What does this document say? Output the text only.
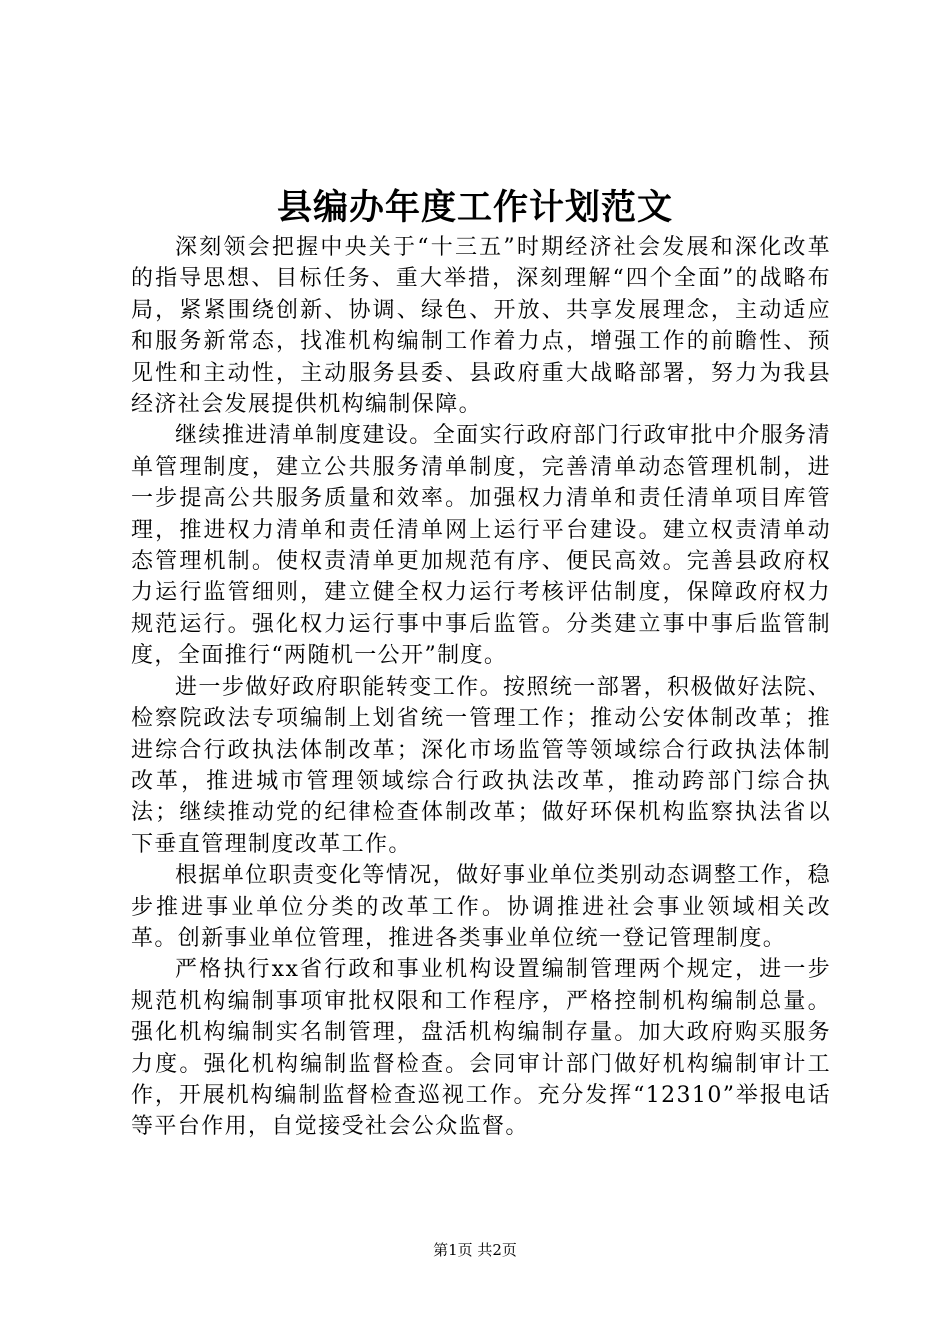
县编办年度工作计划范文

深刻领会把握中央关于“十三五”时期经济社会发展和深化改革的指导思想、目标任务、重大举措，深刻理解“四个全面”的战略布局，紧紧围绕创新、协调、绿色、开放、共享发展理念，主动适应和服务新常态，找准机构编制工作着力点，增强工作的前瞻性、预见性和主动性，主动服务县委、县政府重大战略部署，努力为我县经济社会发展提供机构编制保障。

继续推进清单制度建设。全面实行政府部门行政审批中介服务清单管理制度，建立公共服务清单制度，完善清单动态管理机制，进一步提高公共服务质量和效率。加强权力清单和责任清单项目库管理，推进权力清单和责任清单网上运行平台建设。建立权责清单动态管理机制。使权责清单更加规范有序、便民高效。完善县政府权力运行监管细则，建立健全权力运行考核评估制度，保障政府权力规范运行。强化权力运行事中事后监管。分类建立事中事后监管制度，全面推行“两随机一公开”制度。

进一步做好政府职能转变工作。按照统一部署，积极做好法院、检察院政法专项编制上划省统一管理工作；推动公安体制改革；推进综合行政执法体制改革；深化市场监管等领域综合行政执法体制改革，推进城市管理领域综合行政执法改革，推动跨部门综合执法；继续推动党的纪律检查体制改革；做好环保机构监察执法省以下垂直管理制度改革工作。

根据单位职责变化等情况，做好事业单位类别动态调整工作，稳步推进事业单位分类的改革工作。协调推进社会事业领域相关改革。创新事业单位管理，推进各类事业单位统一登记管理制度。

严格执行xx省行政和事业机构设置编制管理两个规定，进一步规范机构编制事项审批权限和工作程序，严格控制机构编制总量。强化机构编制实名制管理，盘活机构编制存量。加大政府购买服务力度。强化机构编制监督检查。会同审计部门做好机构编制审计工作，开展机构编制监督检查巡视工作。充分发挥“12310”举报电话等平台作用，自觉接受社会公众监督。

第1页 共2页
